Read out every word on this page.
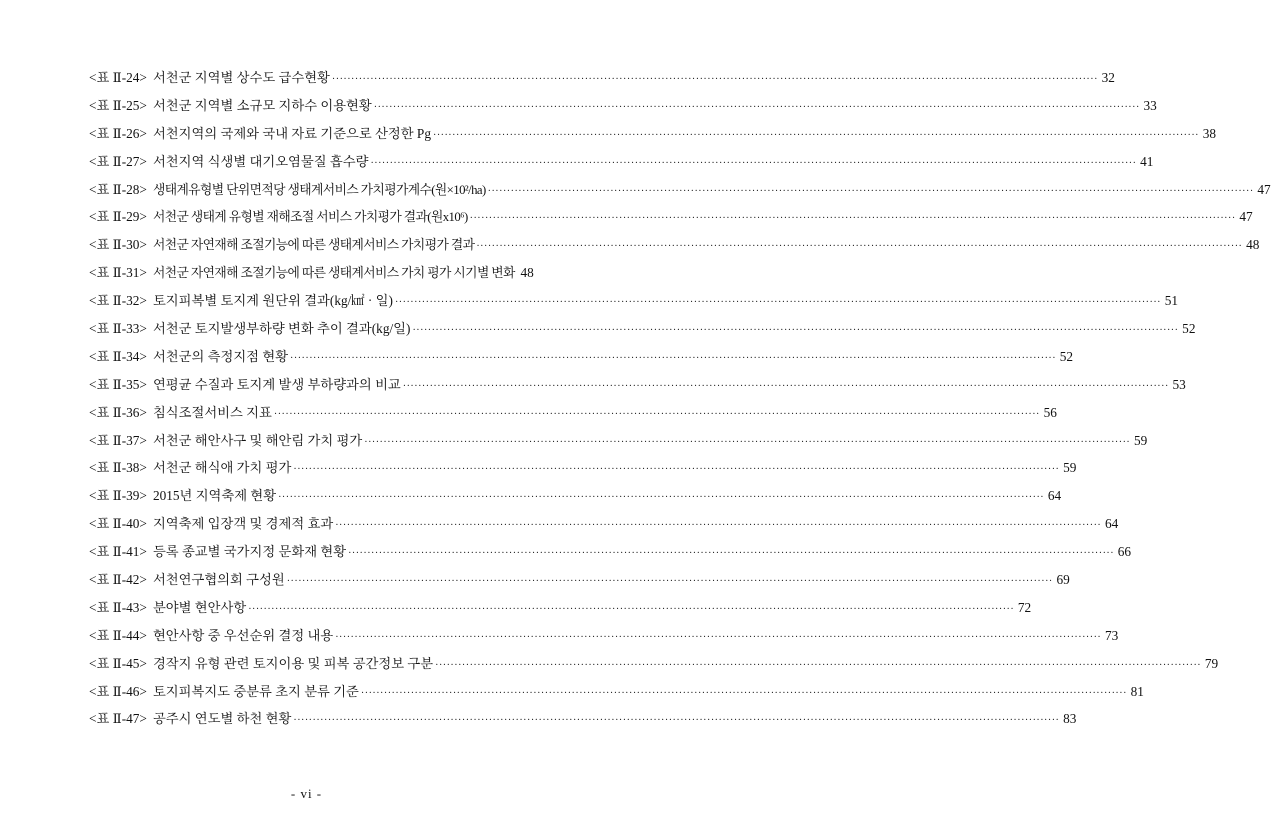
<표 Ⅱ-24> 서천군 지역별 상수도 급수현황 ········································································································································································································ 32
<표 Ⅱ-25> 서천군 지역별 소규모 지하수 이용현황 ········································································································································································································ 33
<표 Ⅱ-26> 서천지역의 국제와 국내 자료 기준으로 산정한 Pg ········································································································································································································ 38
<표 Ⅱ-27> 서천지역 식생별 대기오염물질 흡수량 ········································································································································································································ 41
<표 Ⅱ-28> 생태계유형별 단위면적당 생태계서비스 가치평가계수(원×10²/ha) ········································································································································································································ 47
<표 Ⅱ-29> 서천군 생태계 유형별 재해조절 서비스 가치평가 결과(원x10⁶) ········································································································································································································ 47
<표 Ⅱ-30> 서천군 자연재해 조절기능에 따른 생태계서비스 가치평가 결과 ········································································································································································································ 48
<표 Ⅱ-31> 서천군 자연재해 조절기능에 따른 생태계서비스 가치 평가 시기별 변화 48
<표 Ⅱ-32> 토지피복별 토지계 원단위 결과(kg/㎢ · 일) ········································································································································································································ 51
<표 Ⅱ-33> 서천군 토지발생부하량 변화 추이 결과(kg/일) ········································································································································································································ 52
<표 Ⅱ-34> 서천군의 측정지점 현황 ········································································································································································································ 52
<표 Ⅱ-35> 연평균 수질과 토지계 발생 부하량과의 비교 ········································································································································································································ 53
<표 Ⅱ-36> 침식조절서비스 지표 ········································································································································································································ 56
<표 Ⅱ-37> 서천군 해안사구 및 해안림 가치 평가 ········································································································································································································ 59
<표 Ⅱ-38> 서천군 해식애 가치 평가 ········································································································································································································ 59
<표 Ⅱ-39> 2015년 지역축제 현황 ········································································································································································································ 64
<표 Ⅱ-40> 지역축제 입장객 및 경제적 효과 ········································································································································································································ 64
<표 Ⅱ-41> 등록 종교별 국가지정 문화재 현황 ········································································································································································································ 66
<표 Ⅱ-42> 서천연구협의회 구성원 ········································································································································································································ 69
<표 Ⅱ-43> 분야별 현안사항 ········································································································································································································ 72
<표 Ⅱ-44> 현안사항 중 우선순위 결정 내용 ········································································································································································································ 73
<표 Ⅱ-45> 경작지 유형 관련 토지이용 및 피복 공간정보 구분 ········································································································································································································ 79
<표 Ⅱ-46> 토지피복지도 중분류 초지 분류 기준 ········································································································································································································ 81
<표 Ⅱ-47> 공주시 연도별 하천 현황 ········································································································································································································ 83
- vi -
